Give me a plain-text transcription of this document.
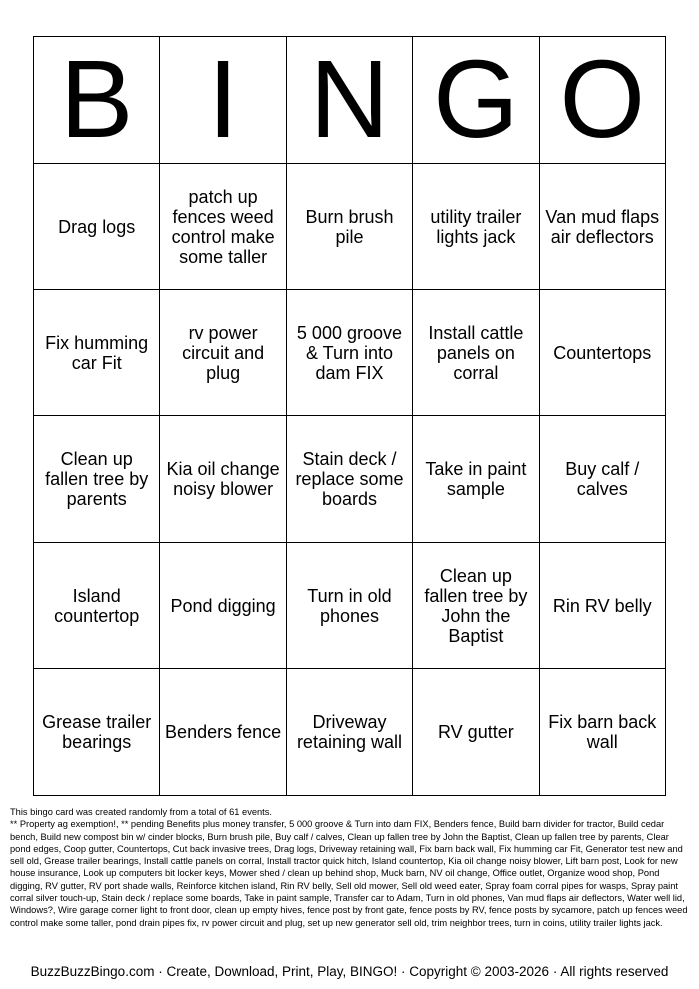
B	I	N	G	O

Drag logs	patch up fences weed control make some taller	Burn brush pile	utility trailer lights jack	Van mud flaps air deflectors

Fix humming car Fit	rv power circuit and plug	5 000 groove & Turn into dam FIX	Install cattle panels on corral	Countertops

Clean up fallen tree by parents	Kia oil change noisy blower	Stain deck / replace some boards	Take in paint sample	Buy calf / calves

Island countertop	Pond digging	Turn in old phones	Clean up fallen tree by John the Baptist	Rin RV belly

Grease trailer bearings	Benders fence	Driveway retaining wall	RV gutter	Fix barn back wall

This bingo card was created randomly from a total of 61 events.

** Property ag exemption!, ** pending Benefits plus money transfer, 5 000 groove & Turn into dam FIX, Benders fence, Build barn divider for tractor, Build cedar bench, Build new compost bin w/ cinder blocks, Burn brush pile, Buy calf / calves, Clean up fallen tree by John the Baptist, Clean up fallen tree by parents, Clear pond edges, Coop gutter, Countertops, Cut back invasive trees, Drag logs, Driveway retaining wall, Fix barn back wall, Fix humming car Fit, Generator test new and sell old, Grease trailer bearings, Install cattle panels on corral, Install tractor quick hitch, Island countertop, Kia oil change noisy blower, Lift barn post, Look for new house insurance, Look up computers bit locker keys, Mower shed / clean up behind shop, Muck barn, NV oil change, Office outlet, Organize wood shop, Pond digging, RV gutter, RV port shade walls, Reinforce kitchen island, Rin RV belly, Sell old mower, Sell old weed eater, Spray foam corral pipes for wasps, Spray paint corral silver touch-up, Stain deck / replace some boards, Take in paint sample, Transfer car to Adam, Turn in old phones, Van mud flaps air deflectors, Water well lid, Windows?, Wire garage corner light to front door, clean up empty hives, fence post by front gate, fence posts by RV, fence posts by sycamore, patch up fences weed control make some taller, pond drain pipes fix, rv power circuit and plug, set up new generator sell old, trim neighbor trees, turn in coins, utility trailer lights jack.

BuzzBuzzBingo.com · Create, Download, Print, Play, BINGO! · Copyright © 2003-2026 · All rights reserved
